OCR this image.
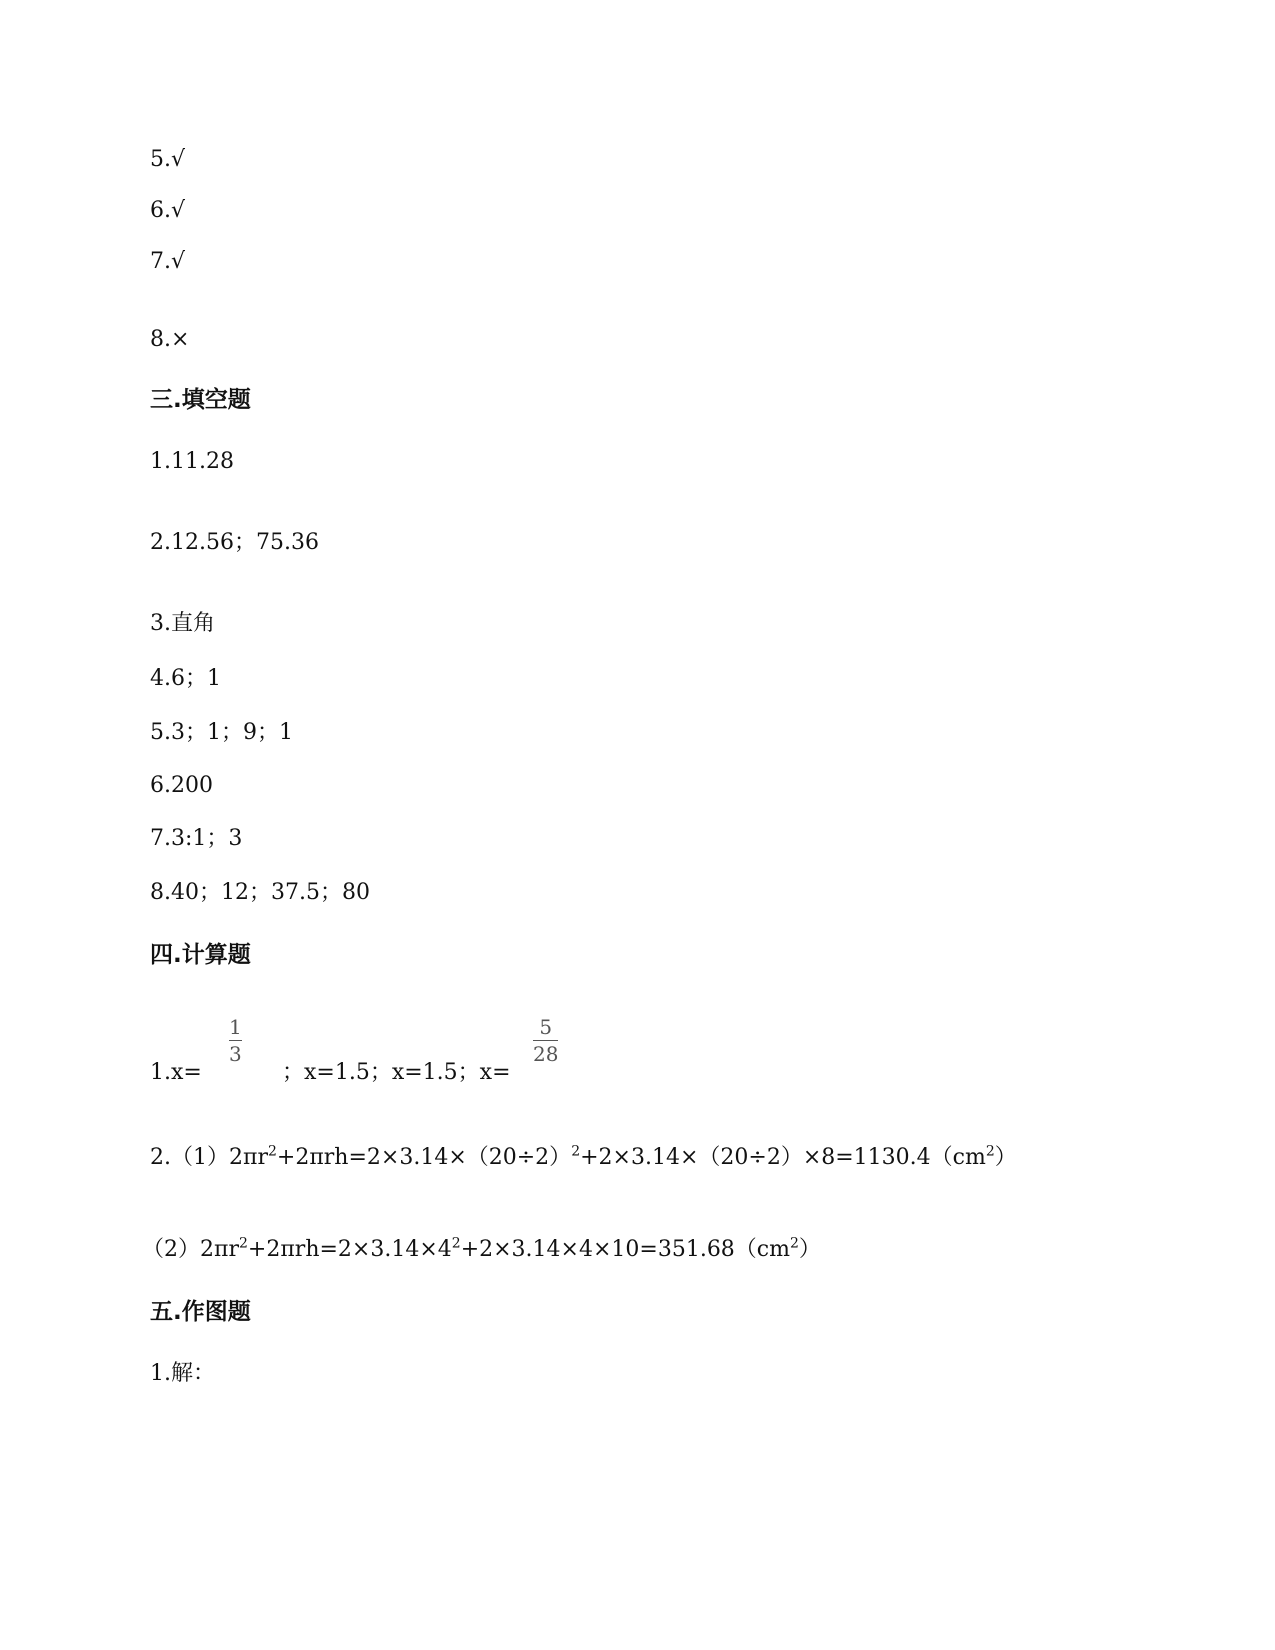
5.√
6.√
7.√
8.×
三.填空题
1.11.28
2.12.56；75.36
3.直角
4.6；1
5.3；1；9；1
6.200
7.3:1；3
8.40；12；37.5；80
四.计算题
1.x=
1
3
；x=1.5；x=1.5；x=
5
28
$2.(1)2\pi r^2+2\pi rh=2\times 3.14\times(20\div 2)^2+2\times 3.14\times(20\div 2)\times 8=1130.4(cm^2)$
$(2)2\pi r^2+2\pi rh=2\times 3.14\times 4^2+2\times 3.14\times 4\times 10=351.68(cm^2)$
五.作图题
1.解：
